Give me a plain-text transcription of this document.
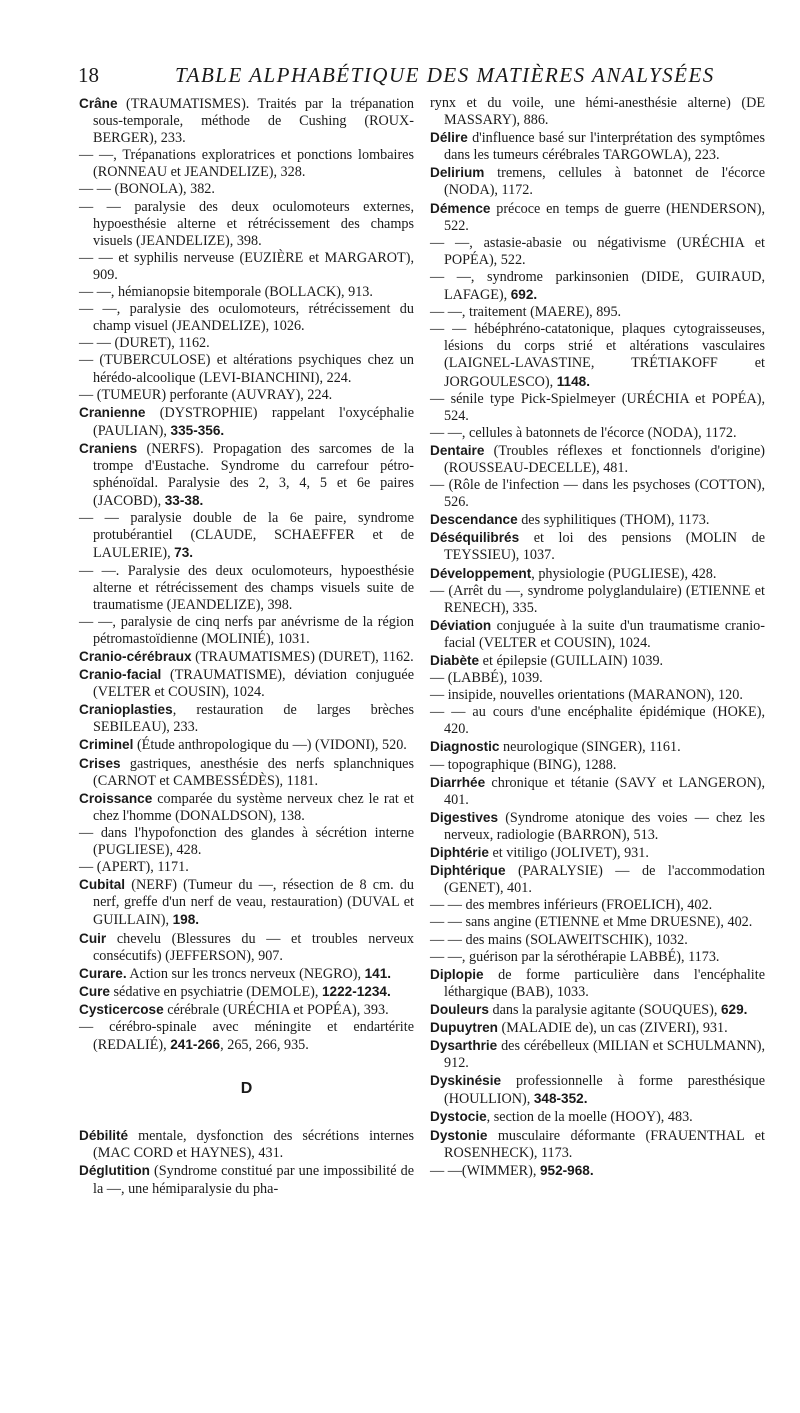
18	TABLE ALPHABÉTIQUE DES MATIÈRES ANALYSÉES

Crâne (TRAUMATISMES). Traités par la trépanation sous-temporale, méthode de Cushing (ROUX-BERGER), 233.

— —, Trépanations exploratrices et ponctions lombaires (RONNEAU et JEANDELIZE), 328.

— — (BONOLA), 382.

— — paralysie des deux oculomoteurs externes, hypoesthésie alterne et rétrécissement des champs visuels (JEANDELIZE), 398.

— — et syphilis nerveuse (EUZIÈRE et MARGAROT), 909.

— —, hémianopsie bitemporale (BOLLACK), 913.

— —, paralysie des oculomoteurs, rétrécissement du champ visuel (JEANDELIZE), 1026.

— — (DURET), 1162.

— (TUBERCULOSE) et altérations psychiques chez un hérédo-alcoolique (LEVI-BIANCHINI), 224.

— (TUMEUR) perforante (AUVRAY), 224.

Cranienne (DYSTROPHIE) rappelant l'oxycéphalie (PAULIAN), 335-356.

Craniens (NERFS). Propagation des sarcomes de la trompe d'Eustache. Syndrome du carrefour pétro-sphénoïdal. Paralysie des 2, 3, 4, 5 et 6e paires (JACOBD), 33-38.

— — paralysie double de la 6e paire, syndrome protubérantiel (CLAUDE, SCHAEFFER et de LAULERIE), 73.

— —. Paralysie des deux oculomoteurs, hypoesthésie alterne et rétrécissement des champs visuels suite de traumatisme (JEANDELIZE), 398.

— —, paralysie de cinq nerfs par anévrisme de la région pétromastoïdienne (MOLINIÉ), 1031.

Cranio-cérébraux (TRAUMATISMES) (DURET), 1162.

Cranio-facial (TRAUMATISME), déviation conjuguée (VELTER et COUSIN), 1024.

Cranioplasties, restauration de larges brèches SEBILEAU), 233.

Criminel (Étude anthropologique du —) (VIDONI), 520.

Crises gastriques, anesthésie des nerfs splanchniques (CARNOT et CAMBESSÉDÈS), 1181.

Croissance comparée du système nerveux chez le rat et chez l'homme (DONALDSON), 138.

— dans l'hypofonction des glandes à sécrétion interne (PUGLIESE), 428.

— (APERT), 1171.

Cubital (NERF) (Tumeur du —, résection de 8 cm. du nerf, greffe d'un nerf de veau, restauration) (DUVAL et GUILLAIN), 198.

Cuir chevelu (Blessures du — et troubles nerveux consécutifs) (JEFFERSON), 907.

Curare. Action sur les troncs nerveux (NEGRO), 141.

Cure sédative en psychiatrie (DEMOLE), 1222-1234.

Cysticercose cérébrale (URÉCHIA et POPÉA), 393.

— cérébro-spinale avec méningite et endartérite (REDALIÉ), 241-266, 265, 266, 935.

D

Débilité mentale, dysfonction des sécrétions internes (MAC CORD et HAYNES), 431.

Déglutition (Syndrome constitué par une impossibilité de la —, une hémiparalysie du pha-

rynx et du voile, une hémi-anesthésie alterne) (DE MASSARY), 886.

Délire d'influence basé sur l'interprétation des symptômes dans les tumeurs cérébrales TARGOWLA), 223.

Delirium tremens, cellules à batonnet de l'écorce (NODA), 1172.

Démence précoce en temps de guerre (HENDERSON), 522.

— —, astasie-abasie ou négativisme (URÉCHIA et POPÉA), 522.

— —, syndrome parkinsonien (DIDE, GUIRAUD, LAFAGE), 692.

— —, traitement (MAERE), 895.

— — hébéphréno-catatonique, plaques cytograisseuses, lésions du corps strié et altérations vasculaires (LAIGNEL-LAVASTINE, TRÉTIAKOFF et JORGOULESCO), 1148.

— sénile type Pick-Spielmeyer (URÉCHIA et POPÉA), 524.

— —, cellules à batonnets de l'écorce (NODA), 1172.

Dentaire (Troubles réflexes et fonctionnels d'origine) (ROUSSEAU-DECELLE), 481.

— (Rôle de l'infection — dans les psychoses (COTTON), 526.

Descendance des syphilitiques (THOM), 1173.

Déséquilibrés et loi des pensions (MOLIN de TEYSSIEU), 1037.

Développement, physiologie (PUGLIESE), 428.

— (Arrêt du —, syndrome polyglandulaire) (ETIENNE et RENECH), 335.

Déviation conjuguée à la suite d'un traumatisme cranio-facial (VELTER et COUSIN), 1024.

Diabète et épilepsie (GUILLAIN) 1039.

— (LABBÉ), 1039.

— insipide, nouvelles orientations (MARANON), 120.

— — au cours d'une encéphalite épidémique (HOKE), 420.

Diagnostic neurologique (SINGER), 1161.

— topographique (BING), 1288.

Diarrhée chronique et tétanie (SAVY et LANGERON), 401.

Digestives (Syndrome atonique des voies — chez les nerveux, radiologie (BARRON), 513.

Diphtérie et vitiligo (JOLIVET), 931.

Diphtérique (PARALYSIE) — de l'accommodation (GENET), 401.

— — des membres inférieurs (FROELICH), 402.

— — sans angine (ETIENNE et Mme DRUESNE), 402.

— — des mains (SOLAWEITSCHIK), 1032.

— —, guérison par la sérothérapie LABBÉ), 1173.

Diplopie de forme particulière dans l'encéphalite léthargique (BAB), 1033.

Douleurs dans la paralysie agitante (SOUQUES), 629.

Dupuytren (MALADIE de), un cas (ZIVERI), 931.

Dysarthrie des cérébelleux (MILIAN et SCHULMANN), 912.

Dyskinésie professionnelle à forme paresthésique (HOULLION), 348-352.

Dystocie, section de la moelle (HOOY), 483.

Dystonie musculaire déformante (FRAUENTHAL et ROSENHECK), 1173.

— —(WIMMER), 952-968.
